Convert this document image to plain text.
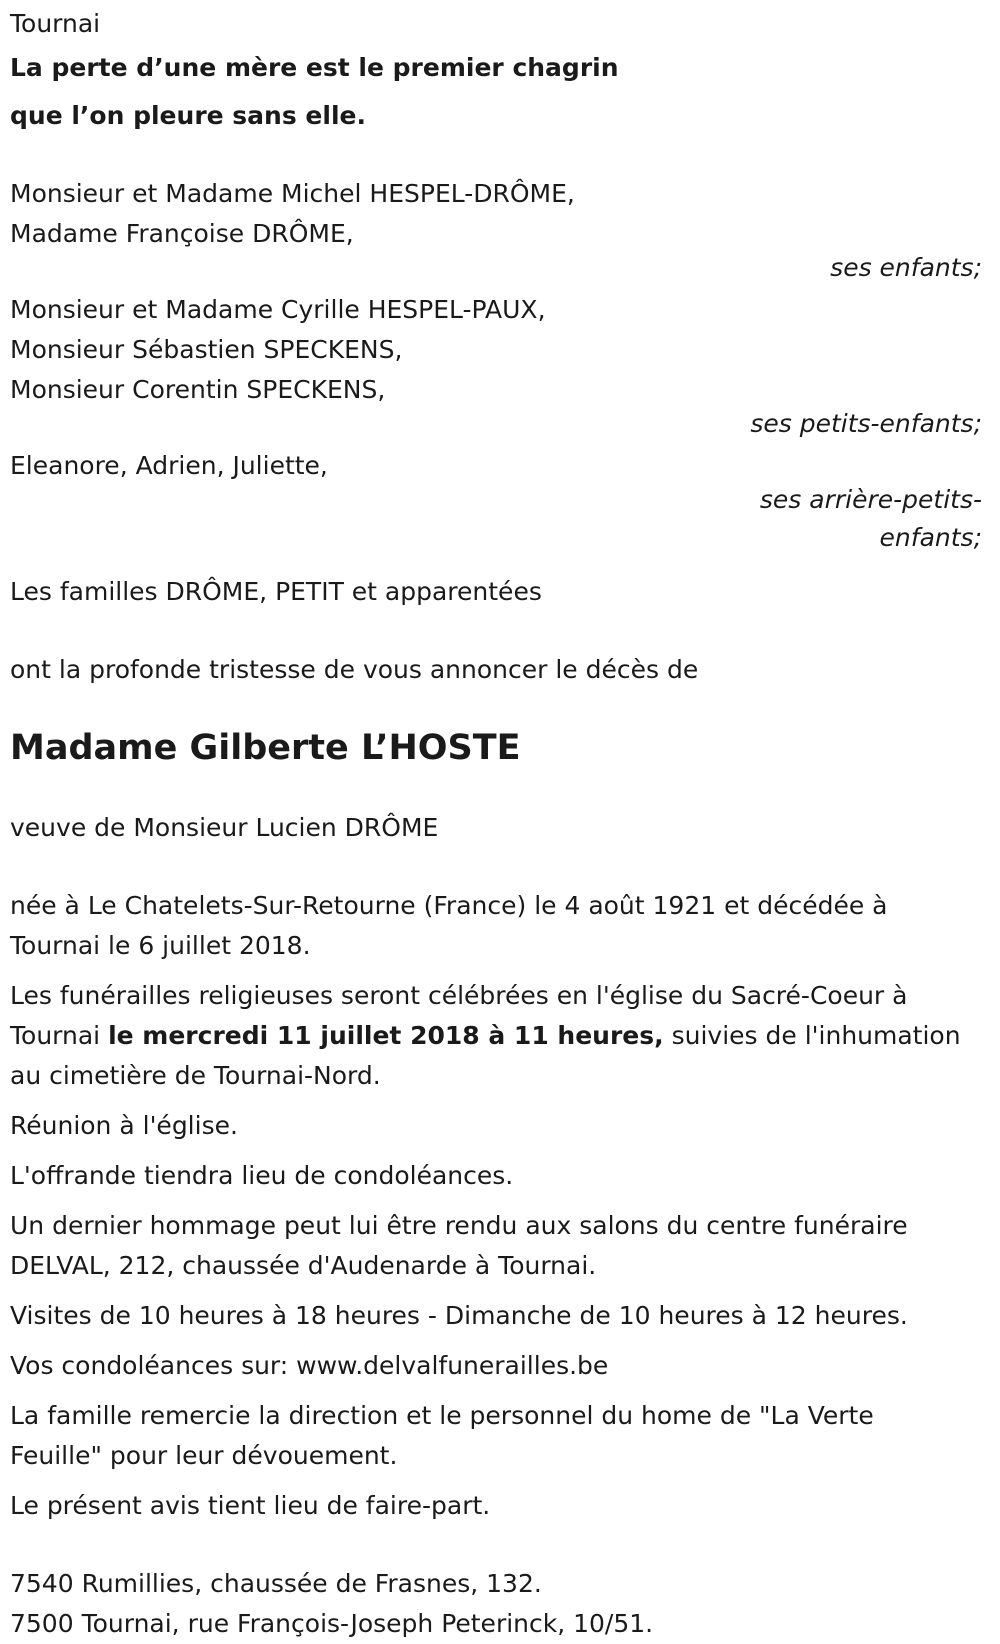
Tournai

La perte d’une mère est le premier chagrin

que l’on pleure sans elle.

Monsieur et Madame Michel HESPEL-DRÔME,

Madame Françoise DRÔME,

ses enfants;

Monsieur et Madame Cyrille HESPEL-PAUX,

Monsieur Sébastien SPECKENS,

Monsieur Corentin SPECKENS,

ses petits-enfants;

Eleanore, Adrien, Juliette,

ses arrière-petits-

enfants;

Les familles DRÔME, PETIT et apparentées

ont la profonde tristesse de vous annoncer le décès de

Madame Gilberte L’HOSTE

veuve de Monsieur Lucien DRÔME

née à Le Chatelets-Sur-Retourne (France) le 4 août 1921 et décédée à Tournai le 6 juillet 2018.

Les funérailles religieuses seront célébrées en l'église du Sacré-Coeur à Tournai le mercredi 11 juillet 2018 à 11 heures, suivies de l'inhumation au cimetière de Tournai-Nord.

Réunion à l'église.

L'offrande tiendra lieu de condoléances.

Un dernier hommage peut lui être rendu aux salons du centre funéraire DELVAL, 212, chaussée d'Audenarde à Tournai.

Visites de 10 heures à 18 heures - Dimanche de 10 heures à 12 heures.

Vos condoléances sur: www.delvalfunerailles.be

La famille remercie la direction et le personnel du home de "La Verte Feuille" pour leur dévouement.

Le présent avis tient lieu de faire-part.

7540 Rumillies, chaussée de Frasnes, 132.

7500 Tournai, rue François-Joseph Peterinck, 10/51.
